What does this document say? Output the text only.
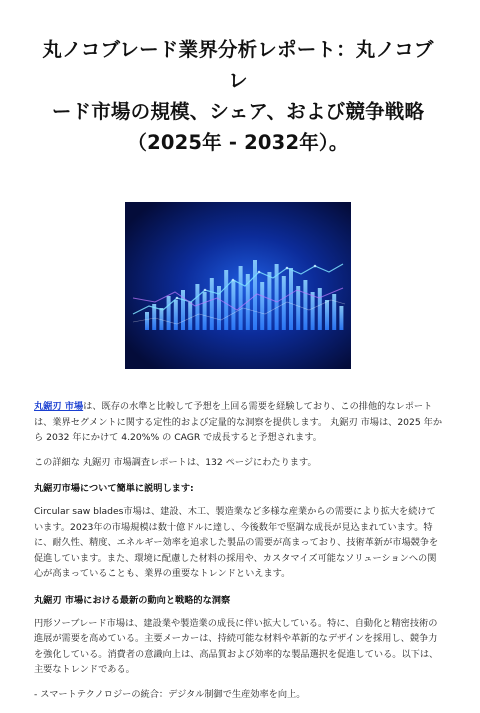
丸ノコブレード業界分析レポート：丸ノコブレ
ード市場の規模、シェア、および競争戦略
（2025年 - 2032年）。

丸鋸刃 市場は、既存の水準と比較して予想を上回る需要を経験しており、この排他的なレポートは、業界セグメントに関する定性的および定量的な洞察を提供します。 丸鋸刃 市場は、2025 年から 2032 年にかけて 4.20%% の CAGR で成長すると予想されます。

この詳細な 丸鋸刃 市場調査レポートは、132 ページにわたります。

丸鋸刃市場について簡単に説明します:

Circular saw blades市場は、建設、木工、製造業など多様な産業からの需要により拡大を続けています。2023年の市場規模は数十億ドルに達し、今後数年で堅調な成長が見込まれています。特に、耐久性、精度、エネルギー効率を追求した製品の需要が高まっており、技術革新が市場競争を促進しています。また、環境に配慮した材料の採用や、カスタマイズ可能なソリューションへの関心が高まっていることも、業界の重要なトレンドといえます。

丸鋸刃 市場における最新の動向と戦略的な洞察

円形ソーブレード市場は、建設業や製造業の成長に伴い拡大している。特に、自動化と精密技術の進展が需要を高めている。主要メーカーは、持続可能な材料や革新的なデザインを採用し、競争力を強化している。消費者の意識向上は、高品質および効率的な製品選択を促進している。以下は、主要なトレンドである。

- スマートテクノロジーの統合：デジタル制御で生産効率を向上。
